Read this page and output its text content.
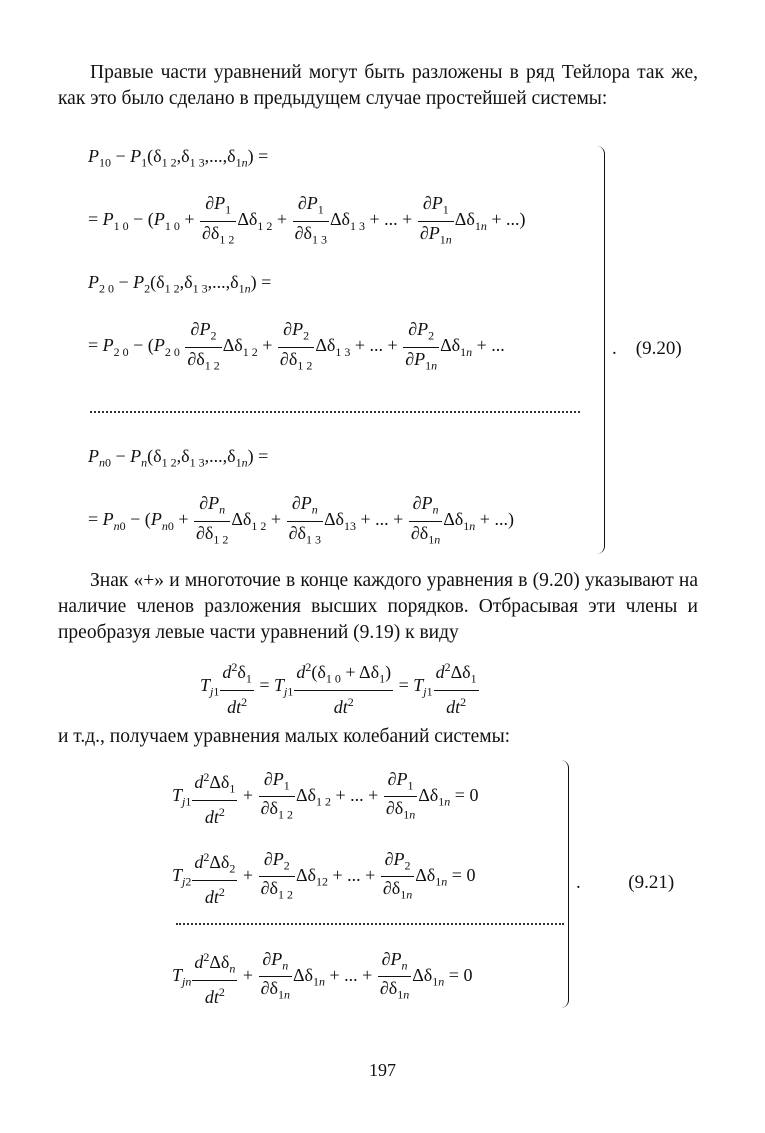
Правые части уравнений могут быть разложены в ряд Тейлора так же, как это было сделано в предыдущем случае простейшей системы:
$P_{10} - P_1(\delta_{1 2},\delta_{1 3},...,\delta_{1n})$ =
= $P_{1 0} - (P_{1 0} + \frac{\partial P_1}{\partial\delta_{1 2}} \Delta\delta_{1 2} + \frac{\partial P_1}{\partial\delta_{1 3}} \Delta\delta_{1 3}$ + ... + $\frac{\partial P_1}{\partial P_{1n}} \Delta\delta_{1n}$ + ...)
$P_{2 0} - P_2(\delta_{1 2},\delta_{1 3},...,\delta_{1n})$ =
= $P_{2 0} - (P_{2 0} \frac{\partial P_2}{\partial\delta_{1 2}} \Delta\delta_{1 2} + \frac{\partial P_2}{\partial\delta_{1 2}} \Delta\delta_{1 3}$ + ... + $\frac{\partial P_2}{\partial P_{1n}} \Delta\delta_{1n}$ + ...
$P_{n0} - P_n(\delta_{1 2},\delta_{1 3},...,\delta_{1n})$ =
= $P_{n0} - (P_{n0} + \frac{\partial P_n}{\partial\delta_{1 2}} \Delta\delta_{1 2} + \frac{\partial P_n}{\partial\delta_{1 3}} \Delta\delta_{13}$ + ... + $\frac{\partial P_n}{\partial\delta_{1n}} \Delta\delta_{1n}$ + ...)
.    (9.20)
Знак «+» и многоточие в конце каждого уравнения в (9.20) указывают на наличие членов разложения высших порядков. Отбрасывая эти члены и преобразуя левые части уравнений (9.19) к виду
$T_{j1} \frac{d^2\delta_1}{dt^2} = T_{j1} \frac{d^2(\delta_{1 0} + \Delta\delta_1)}{dt^2} = T_{j1} \frac{d^2\Delta\delta_1}{dt^2}$
и т.д., получаем уравнения малых колебаний системы:
$T_{j1} \frac{d^2\Delta\delta_1}{dt^2} + \frac{\partial P_1}{\partial\delta_{1 2}} \Delta\delta_{1 2}$ + ... + $\frac{\partial P_1}{\partial\delta_{1n}} \Delta\delta_{1n} = 0$
$T_{j2} \frac{d^2\Delta\delta_2}{dt^2} + \frac{\partial P_2}{\partial\delta_{1 2}} \Delta\delta_{12}$ + ... + $\frac{\partial P_2}{\partial\delta_{1n}} \Delta\delta_{1n} = 0$
$T_{jn} \frac{d^2\Delta\delta_n}{dt^2} + \frac{\partial P_n}{\partial\delta_{1n}} \Delta\delta_{1n}$ + ... + $\frac{\partial P_n}{\partial\delta_{1n}} \Delta\delta_{1n} = 0$
.          (9.21)
197
